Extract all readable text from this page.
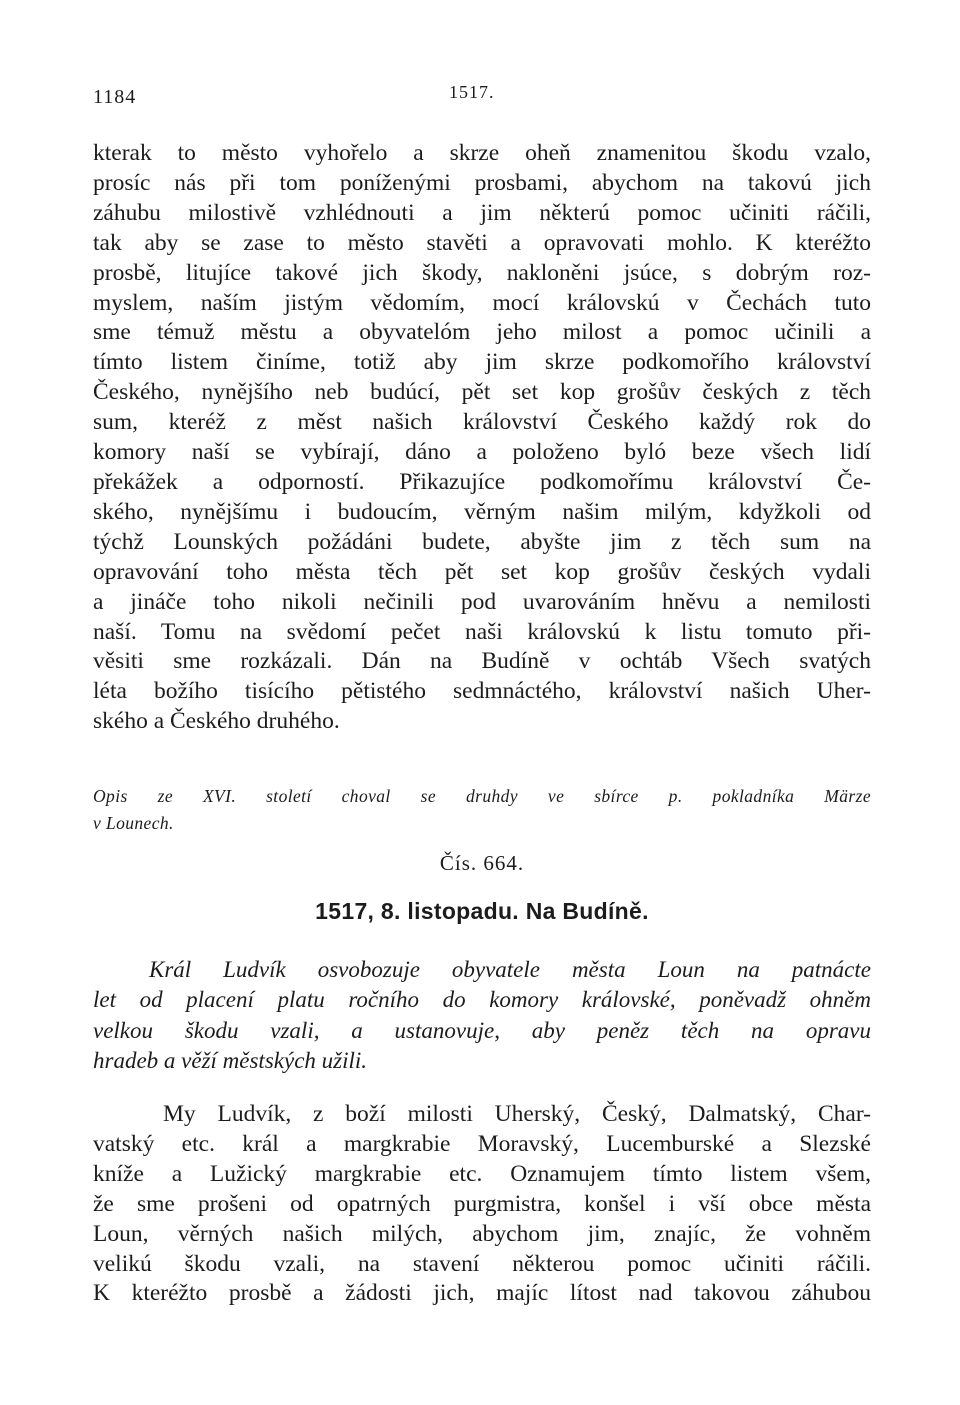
1184	1517.
kterak to město vyhořelo a skrze oheň znamenitou škodu vzalo,
prosíc nás při tom poníženými prosbami, abychom na takovú jich
záhubu milostivě vzhlédnouti a jim některú pomoc učiniti ráčili,
tak aby se zase to město stavěti a opravovati mohlo. K kteréžto
prosbě, litujíce takové jich škody, nakloněni jsúce, s dobrým roz-
myslem, naším jistým vědomím, mocí královskú v Čechách tuto
sme témuž městu a obyvatelóm jeho milost a pomoc učinili a
tímto listem činíme, totiž aby jim skrze podkomořího království
Českého, nynějšího neb budúcí, pět set kop grošův českých z těch
sum, kteréž z měst našich království Českého každý rok do
komory naší se vybírají, dáno a položeno byló beze všech lidí
překážek a odporností. Přikazujíce podkomořímu království Če-
ského, nynějšímu i budoucím, věrným našim milým, kdyžkoli od
týchž Lounských požádáni budete, abyšte jim z těch sum na
opravování toho města těch pět set kop grošův českých vydali
a jináče toho nikoli nečinili pod uvarováním hněvu a nemilosti
naší. Tomu na svědomí pečet naši královskú k listu tomuto při-
věsiti sme rozkázali. Dán na Budíně v ochtáb Všech svatých
léta božího tisícího pětistého sedmnáctého, království našich Uher-
ského a Českého druhého.
Opis ze XVI. století choval se druhdy ve sbírce p. pokladníka Märze
v Lounech.
Čís. 664.
1517, 8. listopadu. Na Budíně.
Král Ludvík osvobozuje obyvatele města Loun na patnácte
let od placení platu ročního do komory královské, poněvadž ohněm
velkou škodu vzali, a ustanovuje, aby peněz těch na opravu
hradeb a věží městských užili.
My Ludvík, z boží milosti Uherský, Český, Dalmatský, Char-
vatský etc. král a margkrabie Moravský, Lucemburské a Slezské
kníže a Lužický margkrabie etc. Oznamujem tímto listem všem,
že sme prošeni od opatrných purgmistra, konšel i vší obce města
Loun, věrných našich milých, abychom jim, znajíc, že vohněm
velikú škodu vzali, na stavení některou pomoc učiniti ráčili.
K kteréžto prosbě a žádosti jich, majíc lítost nad takovou záhubou
